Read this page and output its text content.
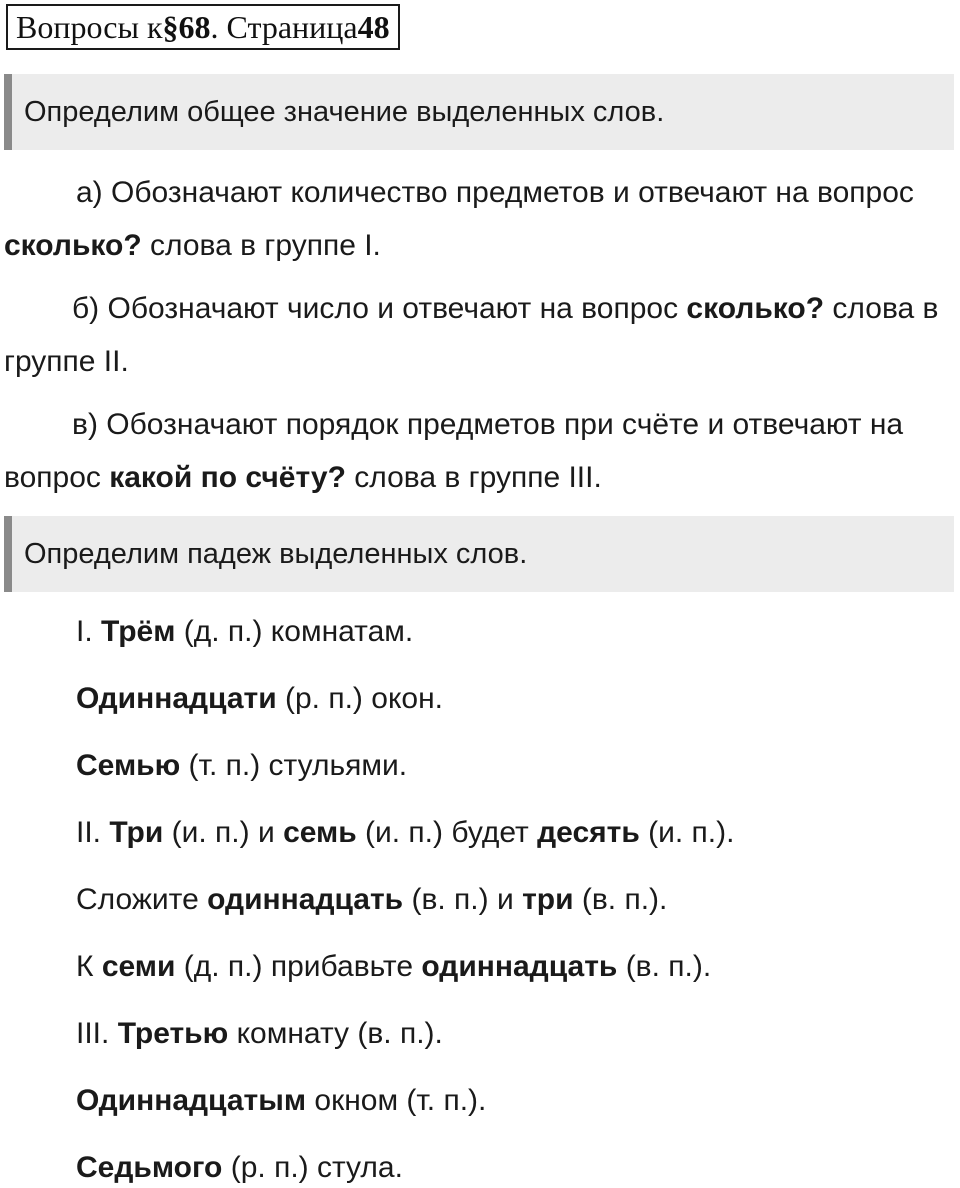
Вопросы к §68 . Страница 48
Определим общее значение выделенных слов.

а) Обозначают количество предметов и отвечают на вопрос сколько? слова в группе I.

б) Обозначают число и отвечают на вопрос сколько? слова в группе II.

в) Обозначают порядок предметов при счёте и отвечают на вопрос какой по счёту? слова в группе III.

Определим падеж выделенных слов.
I. Трём (д. п.) комнатам.
Одиннадцати (р. п.) окон.
Семью (т. п.) стульями.
II. Три (и. п.) и семь (и. п.) будет десять (и. п.).
Сложите одиннадцать (в. п.) и три (в. п.).
К семи (д. п.) прибавьте одиннадцать (в. п.).
III. Третью комнату (в. п.).
Одиннадцатым окном (т. п.).
Седьмого (р. п.) стула.
